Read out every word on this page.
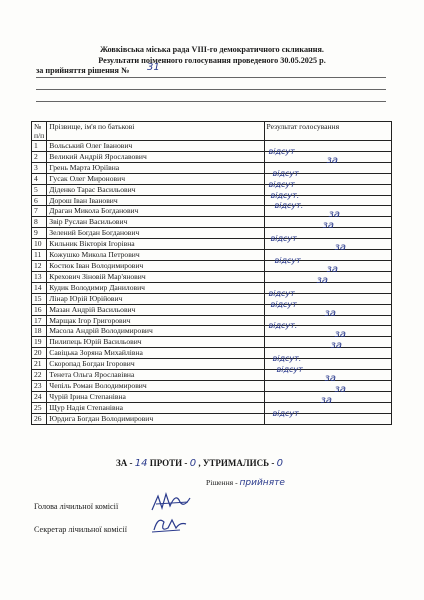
Жовківська міська рада VIII-го демократичного скликання.
Результати поіменного голосування проведеного 30.05.2025 р.
за прийняття рішення № 31
№ п/п	Прізвище, ім'я по батькові	Результат голосування
1	Вольський Олег Іванович	

2	Великий Андрій Ярославович	відсут

3	Грень Марта Юріївна	за

4	Гусак Олег Миронович	відсут

5	Діденко Тарас Васильович	відсут

6	Дорош Іван Іванович	відсут.

7	Драган Микола Богданович	відсут.

8	Звір Руслан Васильович	за

9	Зелений Богдан Богданович	за

10	Кильник Вікторія Ігорівна	відсут

11	Кожушко Микола Петрович	за

12	Костюк Іван Володимирович	відсут

13	Крехович Зіновій Мар'янович	за

14	Кудик Володимир Данилович	за

15	Лінар Юрій Юрійович	відсут

16	Мазан Андрій Васильович	відсут

17	Марщак Ігор Григорович	за

18	Масола Андрій Володимирович	відсут.

19	Пилипець Юрій Васильович	за

20	Савіцька Зоряна Михайлівна	за

21	Скоропад Богдан Ігорович	відсут.

22	Тенета Ольга Ярославівна	відсут

23	Чепіль Роман Володимирович	за

24	Чурій Ірина Степанівна	за

25	Щур Надія Степанівна	за

26	Юрдига Богдан Володимирович	відсут
ЗА - 14 ПРОТИ - 0 , УТРИМАЛИСЬ - 0
Рішення - прийняте
Голова лічильної комісії
Секретар лічильної комісії
